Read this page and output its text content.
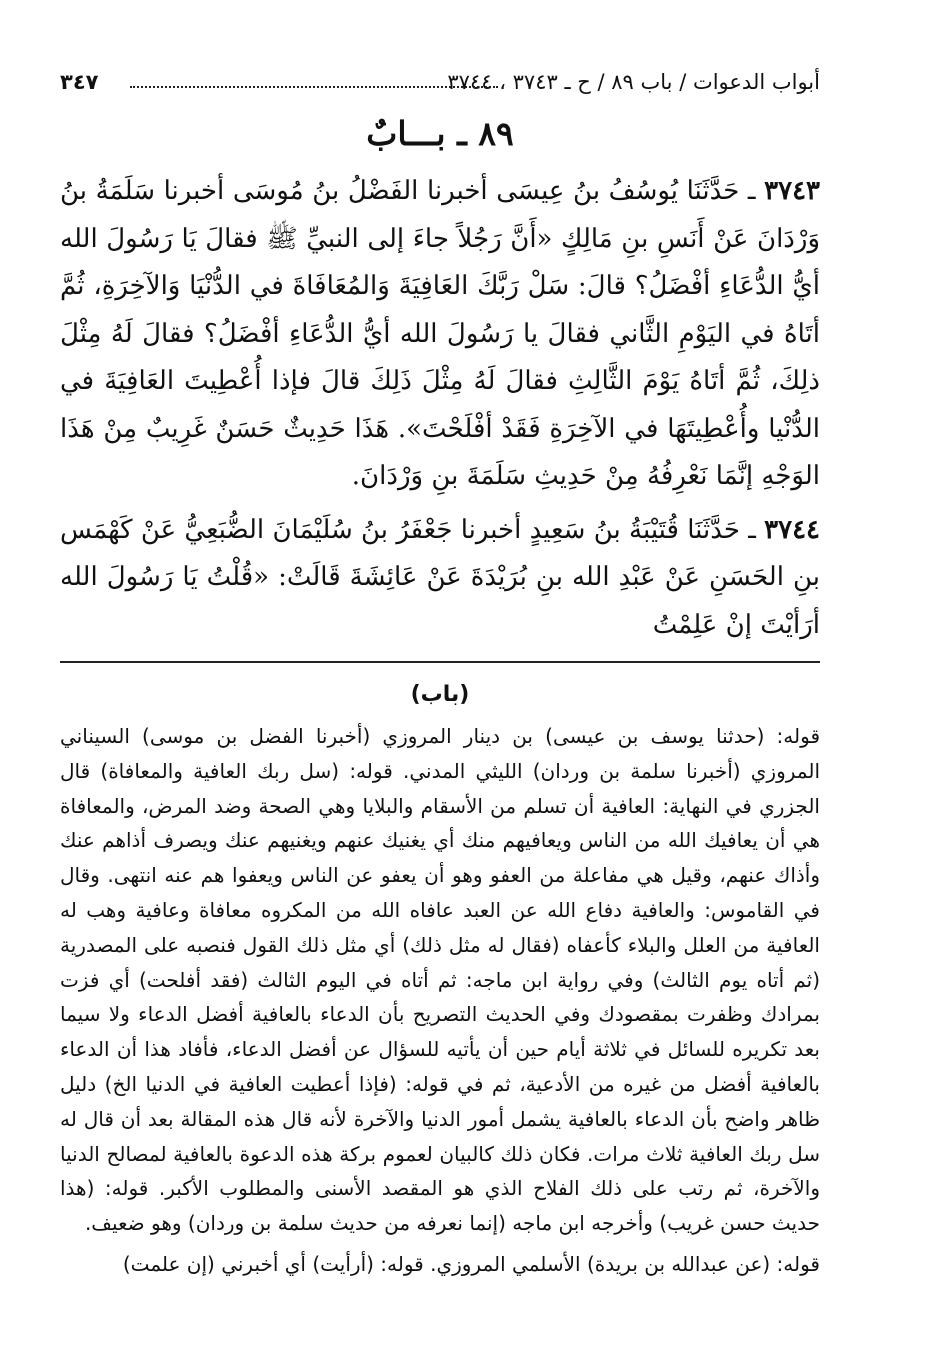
أبواب الدعوات / باب ٨٩ / ح ـ ٣٧٤٣ ، ٣٧٤٤
٣٤٧
٨٩ ـ بـــابٌ

٣٧٤٣ ـ حَدَّثَنَا يُوسُفُ بنُ عِيسَى أخبرنا الفَضْلُ بنُ مُوسَى أخبرنا سَلَمَةُ بنُ وَرْدَانَ عَنْ أَنَسِ بنِ مَالِكٍ «أَنَّ رَجُلاً جاءَ إلى النبيِّ ﷺ فقالَ يَا رَسُولَ الله أيُّ الدُّعَاءِ أفْضَلُ؟ قالَ: سَلْ رَبَّكَ العَافِيَةَ وَالمُعَافَاةَ في الدُّنْيَا وَالآخِرَةِ، ثُمَّ أتَاهُ في اليَوْمِ الثَّاني فقالَ يا رَسُولَ الله أيُّ الدُّعَاءِ أفْضَلُ؟ فقالَ لَهُ مِثْلَ ذلِكَ، ثُمَّ أتَاهُ يَوْمَ الثَّالِثِ فقالَ لَهُ مِثْلَ ذَلِكَ قالَ فإذا أُعْطِيتَ العَافِيَةَ في الدُّنْيا وأُعْطِيتَهَا في الآخِرَةِ فَقَدْ أفْلَحْتَ». هَذَا حَدِيثٌ حَسَنٌ غَرِيبٌ مِنْ هَذَا الوَجْهِ إنَّمَا نَعْرِفُهُ مِنْ حَدِيثِ سَلَمَةَ بنِ وَرْدَانَ.

٣٧٤٤ ـ حَدَّثَنَا قُتَيْبَةُ بنُ سَعِيدٍ أخبرنا جَعْفَرُ بنُ سُلَيْمَانَ الضُّبَعِيُّ عَنْ كَهْمَس بنِ الحَسَنِ عَنْ عَبْدِ الله بنِ بُرَيْدَةَ عَنْ عَائِشَةَ قَالَتْ: «قُلْتُ يَا رَسُولَ الله أرَأيْتَ إنْ عَلِمْتُ

(باب)

قوله: (حدثنا يوسف بن عيسى) بن دينار المروزي (أخبرنا الفضل بن موسى) السيناني المروزي (أخبرنا سلمة بن وردان) الليثي المدني. قوله: (سل ربك العافية والمعافاة) قال الجزري في النهاية: العافية أن تسلم من الأسقام والبلايا وهي الصحة وضد المرض، والمعافاة هي أن يعافيك الله من الناس ويعافيهم منك أي يغنيك عنهم ويغنيهم عنك ويصرف أذاهم عنك وأذاك عنهم، وقيل هي مفاعلة من العفو وهو أن يعفو عن الناس ويعفوا هم عنه انتهى. وقال في القاموس: والعافية دفاع الله عن العبد عافاه الله من المكروه معافاة وعافية وهب له العافية من العلل والبلاء كأعفاه (فقال له مثل ذلك) أي مثل ذلك القول فنصبه على المصدرية (ثم أتاه يوم الثالث) وفي رواية ابن ماجه: ثم أتاه في اليوم الثالث (فقد أفلحت) أي فزت بمرادك وظفرت بمقصودك وفي الحديث التصريح بأن الدعاء بالعافية أفضل الدعاء ولا سيما بعد تكريره للسائل في ثلاثة أيام حين أن يأتيه للسؤال عن أفضل الدعاء، فأفاد هذا أن الدعاء بالعافية أفضل من غيره من الأدعية، ثم في قوله: (فإذا أعطيت العافية في الدنيا الخ) دليل ظاهر واضح بأن الدعاء بالعافية يشمل أمور الدنيا والآخرة لأنه قال هذه المقالة بعد أن قال له سل ربك العافية ثلاث مرات. فكان ذلك كالبيان لعموم بركة هذه الدعوة بالعافية لمصالح الدنيا والآخرة، ثم رتب على ذلك الفلاح الذي هو المقصد الأسنى والمطلوب الأكبر. قوله: (هذا حديث حسن غريب) وأخرجه ابن ماجه (إنما نعرفه من حديث سلمة بن وردان) وهو ضعيف.

قوله: (عن عبدالله بن بريدة) الأسلمي المروزي. قوله: (أرأيت) أي أخبرني (إن علمت)
